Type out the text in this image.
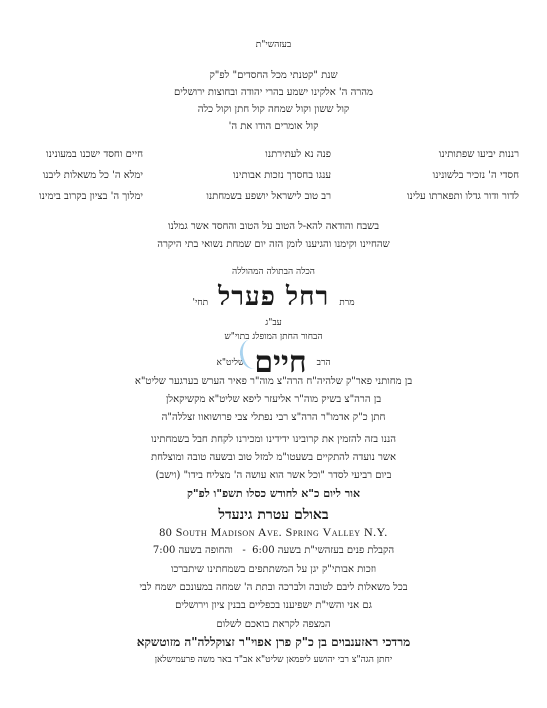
בעזהשי"ת
שנת "קטנתי מכל החסדים" לפ"ק
מהרה ה' אלקינו ישמע בהרי יהודה ובחוצות ירושלים
קול ששון וקול שמחה קול חתן וקול כלה
קול אומרים הודו את ה'
רננות יביעו שפתותינו
חסדי ה' נזכיר בלשונינו
לדור ודור גדלו ותפארתו עלינו
פנה נא לעתירתנו
ענגו בחסדך נזכות אבותינו
רב טוב לישראל יושפע בשמחתנו
חיים וחסד ישכנו במעונינו
ימלא ה' כל משאלות ליבנו
ימלוך ה' בציון בקרוב בימינו
בשבח והודאה להא-ל הטוב על הטוב והחסד אשר גמלנו
שהחיינו וקימנו והגיענו לזמן הזה יום שמחת נשואי בתי היקרה
הכלה הבתולה המהוללה
מרת
רחל פערל
תחי'
עב"ג
הבחור החתן המופלג בתוי"ש
הרב
חיים
שליט"א
בן מחותני פאר"ק שלהיה"ח הרה"צ מוה"ר פאיר הערש בערגער שליט"א
בן הרה"צ בשיק מוה"ר אליעזר ליפא שליט"א מקשיקאלן
חתן כ"ק אדמו"ר הרה"צ רבי נפתלי צבי פרושואוו זצללה"ה
הננו בזה להזמין את קרובינו ידידינו ומכירנו לקחת חבל בשמחתינו
אשר נועדה להתקיים בשעטו"מ למזל טוב ובשעה טובה ומוצלחת
ביום רביעי לסדר "וכל אשר הוא עושה ה' מצליח בידו" (וישב)
אור ליום כ"א לחודש כסלו תשפ"ו לפ"ק
באולם עטרת גינעדל
80 South Madison Ave. Spring Valley N.Y.
הקבלת פנים בעזהשי"ת בשעה 6:00  -   והחופה בשעה 7:00
וזכות אבותי"ק יגן על המשתתפים בשמחתינו שיתברכו
בכל משאלות ליבם לטובה ולברכה ובתת ה' שמחה במעונכם ישמח לבי
גם אני והשי"ת ישפיענו בכפליים בבנין ציון וירושלים
המצפה לקראת בואכם לשלום
מרדכי ראזענבוים בן כ"ק פרן אפוי"ר זצוקללה"ה מזוטשקא
יחתן הגה"צ רבי יהושע ליפמאן שליט"א אב"ד באר משה פרעמישלאן
